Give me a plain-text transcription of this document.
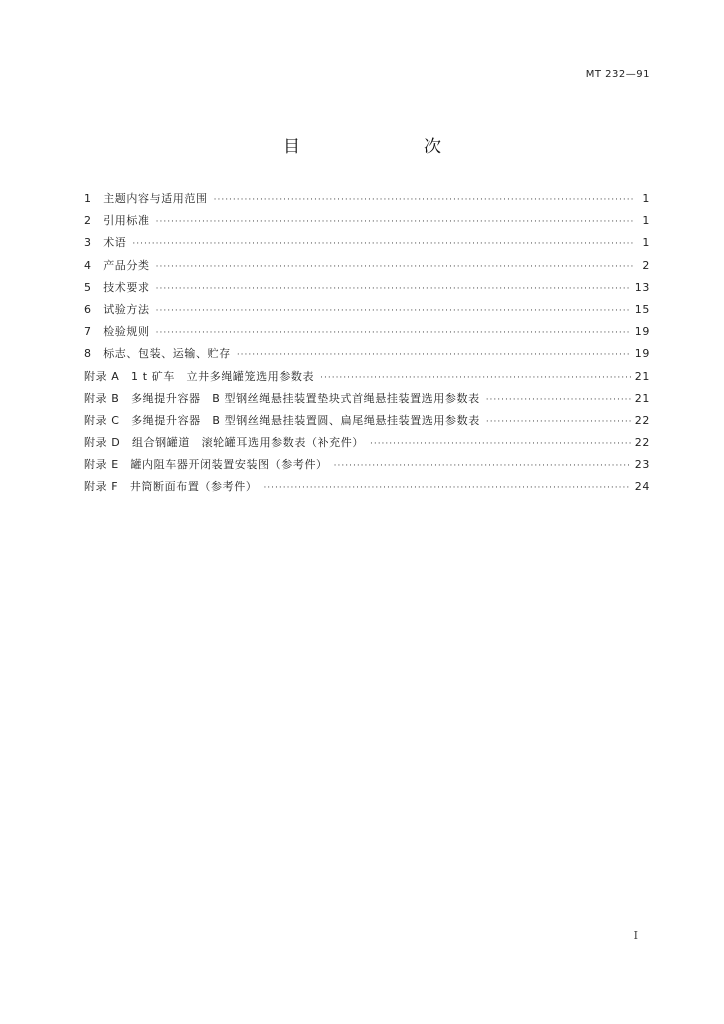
MT 232—91
目　　次
1　主题内容与适用范围 ·····	1
2　引用标准 ·····	1
3　术语 ·····	1
4　产品分类 ·····	2
5　技术要求 ·····	13
6　试验方法 ·····	15
7　检验规则 ·····	19
8　标志、包装、运输、贮存 ·····	19
附录 A　1 t 矿车　立井多绳罐笼选用参数表 ·····	21
附录 B　多绳提升容器　B 型钢丝绳悬挂装置垫块式首绳悬挂装置选用参数表 ·····	21
附录 C　多绳提升容器　B 型钢丝绳悬挂装置圆、扁尾绳悬挂装置选用参数表 ·····	22
附录 D　组合钢罐道　滚轮罐耳选用参数表（补充件） ·····	22
附录 E　罐内阻车器开闭装置安装图（参考件） ·····	23
附录 F　井筒断面布置（参考件） ·····	24
I
